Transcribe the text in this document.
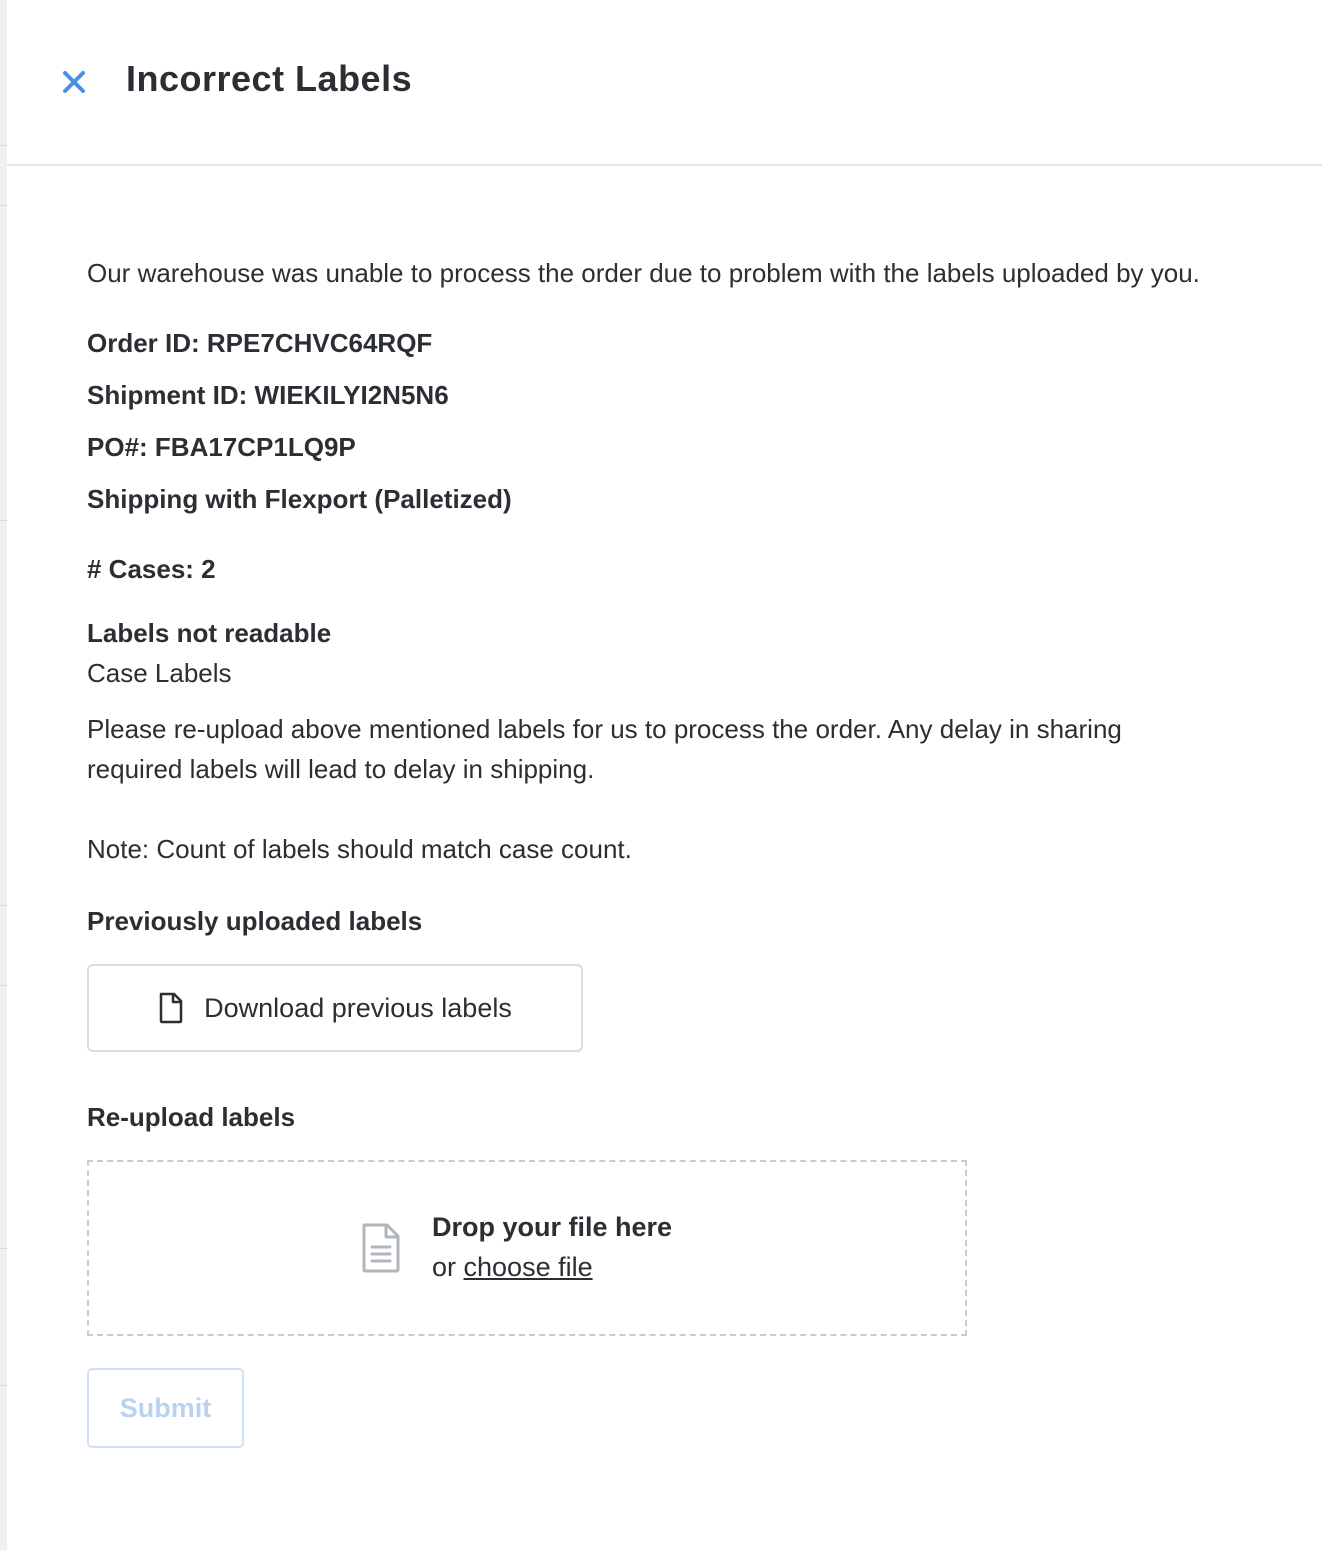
Incorrect Labels

Our warehouse was unable to process the order due to problem with the labels uploaded by you.

Order ID: RPE7CHVC64RQF
Shipment ID: WIEKILYI2N5N6
PO#: FBA17CP1LQ9P
Shipping with Flexport (Palletized)
# Cases: 2
Labels not readable
Case Labels

Please re-upload above mentioned labels for us to process the order. Any delay in sharing required labels will lead to delay in shipping.

Note: Count of labels should match case count.
Previously uploaded labels
Download previous labels
Re-upload labels
Drop your file here
or choose file
Submit
